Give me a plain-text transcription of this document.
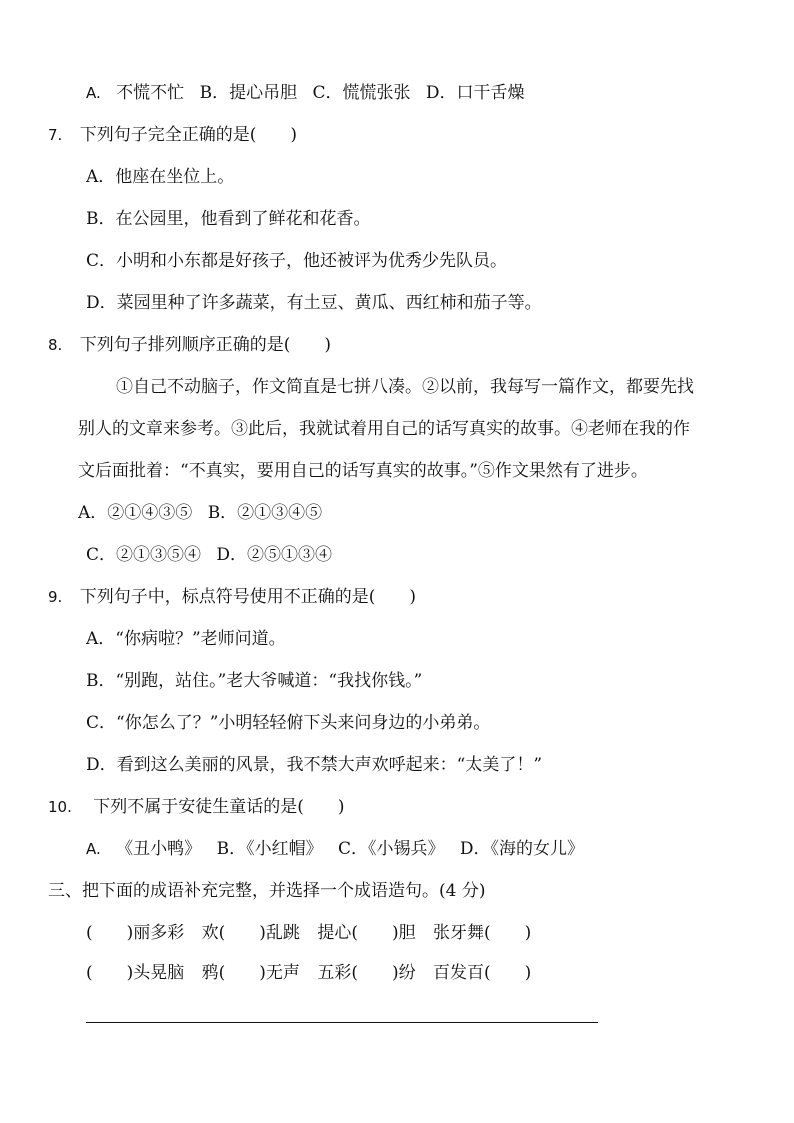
A. 不慌不忙 B．提心吊胆 C．慌慌张张 D．口干舌燥
7. 下列句子完全正确的是(　　)
A．他座在坐位上。
B．在公园里，他看到了鲜花和花香。
C．小明和小东都是好孩子，他还被评为优秀少先队员。
D．菜园里种了许多蔬菜，有土豆、黄瓜、西红柿和茄子等。
8. 下列句子排列顺序正确的是(　　)
①自己不动脑子，作文简直是七拼八凑。②以前，我每写一篇作文，都要先找
别人的文章来参考。③此后，我就试着用自己的话写真实的故事。④老师在我的作
文后面批着：“不真实，要用自己的话写真实的故事。”⑤作文果然有了进步。
A．②①④③⑤ B．②①③④⑤
C．②①③⑤④ D．②⑤①③④
9. 下列句子中，标点符号使用不正确的是(　　)
A．“你病啦？”老师问道。
B．“别跑，站住。”老大爷喊道：“我找你钱。”
C．“你怎么了？”小明轻轻俯下头来问身边的小弟弟。
D．看到这么美丽的风景，我不禁大声欢呼起来：“太美了！”
10. 下列不属于安徒生童话的是(　　)
A. 《丑小鸭》 B．《小红帽》 C．《小锡兵》 D．《海的女儿》
三、把下面的成语补充完整，并选择一个成语造句。(4 分)
(　　)丽多彩 欢(　　)乱跳 提心(　　)胆 张牙舞(　　)
(　　)头晃脑 鸦(　　)无声 五彩(　　)纷 百发百(　　)
